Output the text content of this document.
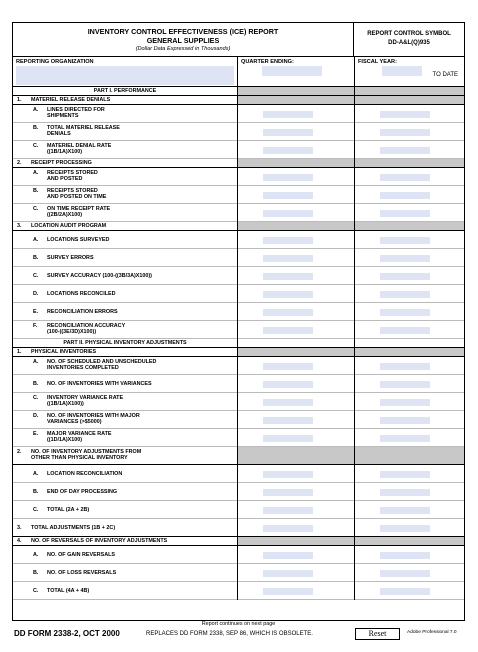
INVENTORY CONTROL EFFECTIVENESS (ICE) REPORT
GENERAL SUPPLIES
(Dollar Data Expressed in Thousands)
REPORT CONTROL SYMBOL
DD-A&L(Q)935
REPORTING ORGANIZATION	QUARTER ENDING:	FISCAL YEAR:
TO DATE
PART I. PERFORMANCE
1. MATERIEL RELEASE DENIALS
A. LINES DIRECTED FOR
SHIPMENTS
B. TOTAL MATERIEL RELEASE
DENIALS
C. MATERIEL DENIAL RATE
((1B/1A)X100)
2. RECEIPT PROCESSING
A. RECEIPTS STORED
AND POSTED
B. RECEIPTS STORED
AND POSTED ON TIME
C. ON TIME RECEIPT RATE
((2B/2A)X100)
3. LOCATION AUDIT PROGRAM
A. LOCATIONS SURVEYED
B. SURVEY ERRORS
C. SURVEY ACCURACY (100-((3B/3A)X100))
D. LOCATIONS RECONCILED
E. RECONCILIATION ERRORS
F. RECONCILIATION ACCURACY
(100-((3E/3D)X100))
PART II. PHYSICAL INVENTORY ADJUSTMENTS
1. PHYSICAL INVENTORIES
A. NO. OF SCHEDULED AND UNSCHEDULED
INVENTORIES COMPLETED
B. NO. OF INVENTORIES WITH VARIANCES
C. INVENTORY VARIANCE RATE
((1B/1A)X100))
D. NO. OF INVENTORIES WITH MAJOR
VARIANCES (>$5000)
E. MAJOR VARIANCE RATE
((1D/1A)X100)
2. NO. OF INVENTORY ADJUSTMENTS FROM
OTHER THAN PHYSICAL INVENTORY
A. LOCATION RECONCILIATION
B. END OF DAY PROCESSING
C. TOTAL (2A + 2B)
3. TOTAL ADJUSTMENTS (1B + 2C)
4. NO. OF REVERSALS OF INVENTORY ADJUSTMENTS
A. NO. OF GAIN REVERSALS
B. NO. OF LOSS REVERSALS
C. TOTAL (4A + 4B)
Report continues on next page
DD FORM 2338-2, OCT 2000	REPLACES DD FORM 2338, SEP 86, WHICH IS OBSOLETE.	Reset	Adobe Professional 7.0
